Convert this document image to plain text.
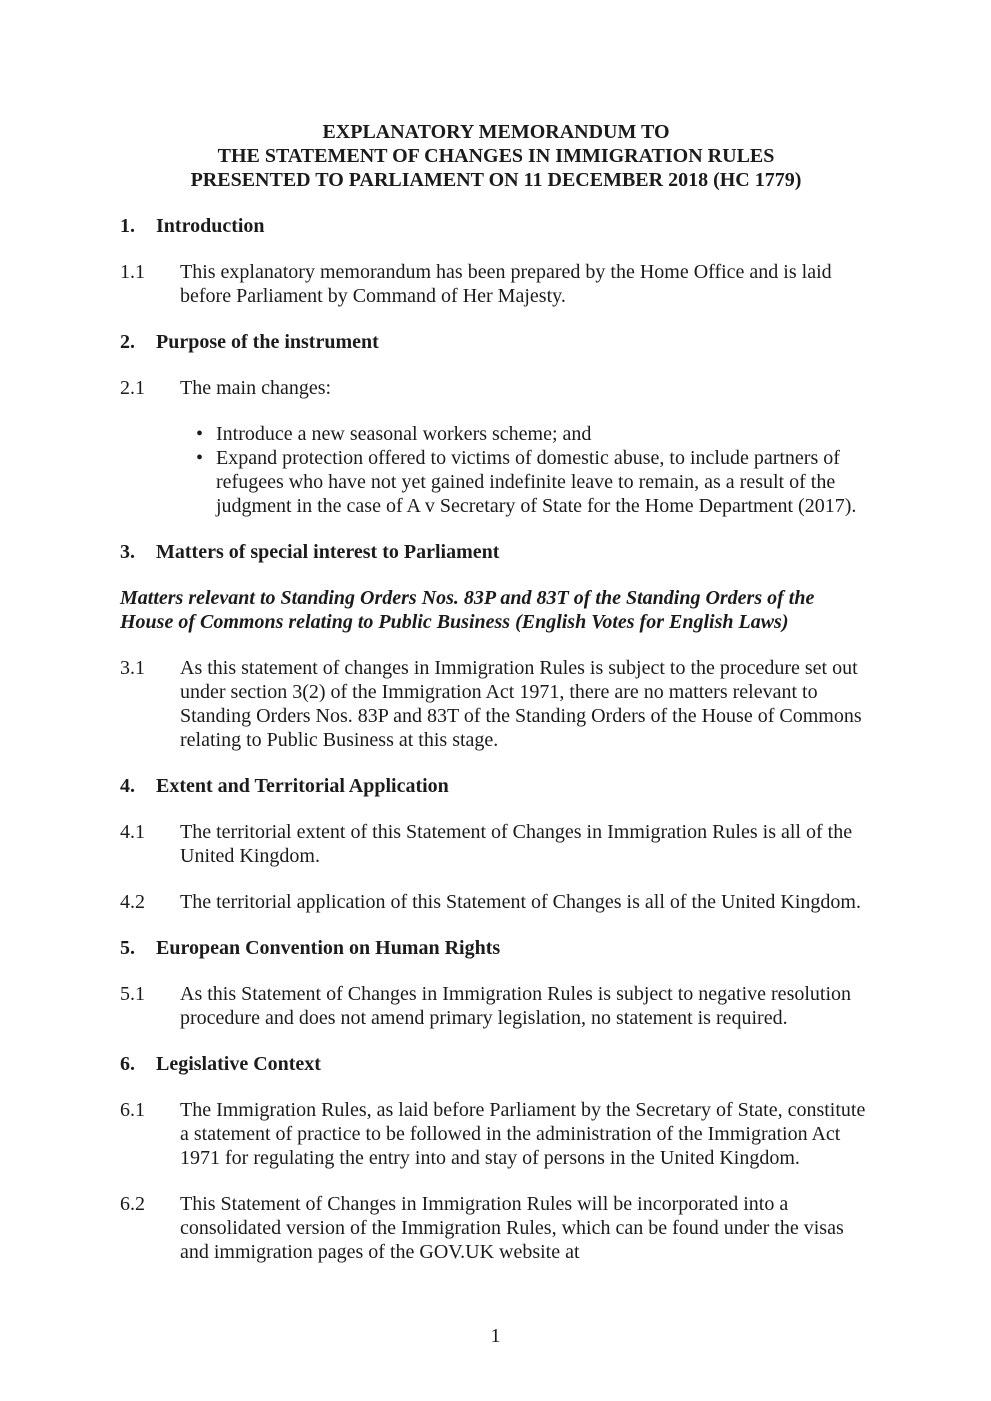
EXPLANATORY MEMORANDUM TO
THE STATEMENT OF CHANGES IN IMMIGRATION RULES
PRESENTED TO PARLIAMENT ON 11 DECEMBER 2018 (HC 1779)
1.	Introduction
1.1	This explanatory memorandum has been prepared by the Home Office and is laid before Parliament by Command of Her Majesty.
2.	Purpose of the instrument
2.1	The main changes:
• Introduce a new seasonal workers scheme; and
• Expand protection offered to victims of domestic abuse, to include partners of refugees who have not yet gained indefinite leave to remain, as a result of the judgment in the case of A v Secretary of State for the Home Department (2017).
3.	Matters of special interest to Parliament
Matters relevant to Standing Orders Nos. 83P and 83T of the Standing Orders of the
House of Commons relating to Public Business (English Votes for English Laws)
3.1	As this statement of changes in Immigration Rules is subject to the procedure set out under section 3(2) of the Immigration Act 1971, there are no matters relevant to Standing Orders Nos. 83P and 83T of the Standing Orders of the House of Commons relating to Public Business at this stage.
4.	Extent and Territorial Application
4.1	The territorial extent of this Statement of Changes in Immigration Rules is all of the United Kingdom.
4.2	The territorial application of this Statement of Changes is all of the United Kingdom.
5.	European Convention on Human Rights
5.1	As this Statement of Changes in Immigration Rules is subject to negative resolution procedure and does not amend primary legislation, no statement is required.
6.	Legislative Context
6.1	The Immigration Rules, as laid before Parliament by the Secretary of State, constitute a statement of practice to be followed in the administration of the Immigration Act 1971 for regulating the entry into and stay of persons in the United Kingdom.
6.2	This Statement of Changes in Immigration Rules will be incorporated into a consolidated version of the Immigration Rules, which can be found under the visas and immigration pages of the GOV.UK website at
1
